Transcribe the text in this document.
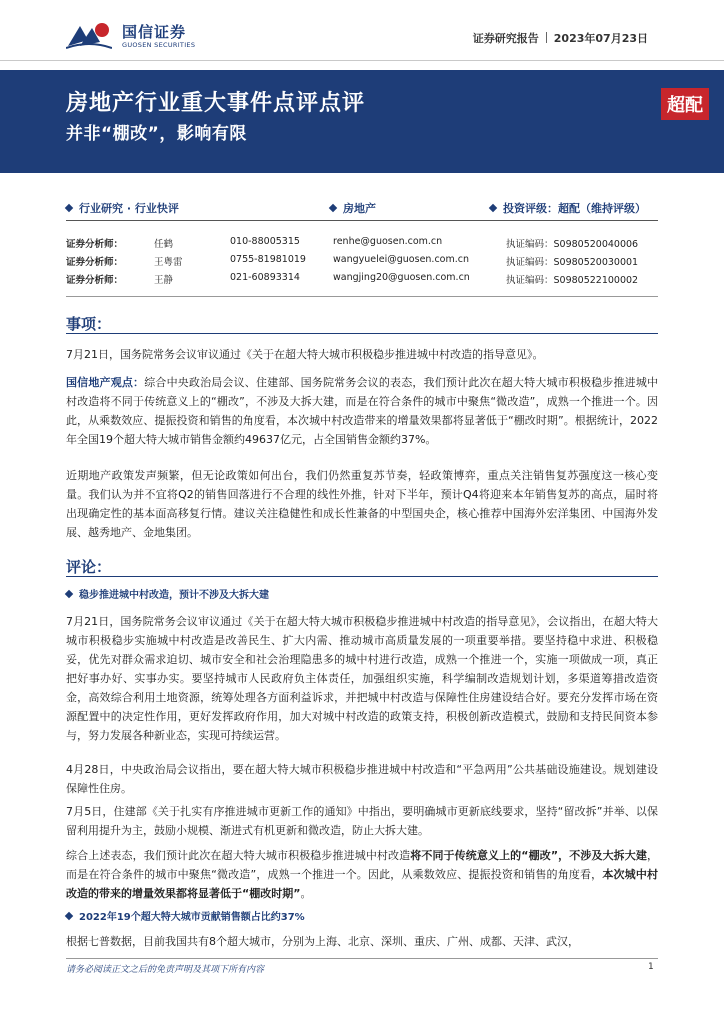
国信证券
GUOSEN SECURITIES	证券研究报告 2023年07月23日
房地产行业重大事件点评点评
并非“棚改”，影响有限
超配
行业研究 · 行业快评	房地产	投资评级：超配（维持评级）
证券分析师：	任鹤	010-88005315	renhe@guosen.com.cn	执证编码：S0980520040006
证券分析师：	王粤雷	0755-81981019	wangyuelei@guosen.com.cn	执证编码：S0980520030001
证券分析师：	王静	021-60893314	wangjing20@guosen.com.cn	执证编码：S0980522100002
事项：
7月21日，国务院常务会议审议通过《关于在超大特大城市积极稳步推进城中村改造的指导意见》。
国信地产观点：综合中央政治局会议、住建部、国务院常务会议的表态，我们预计此次在超大特大城市积极稳步推进城中村改造将不同于传统意义上的“棚改”，不涉及大拆大建，而是在符合条件的城市中聚焦“微改造”，成熟一个推进一个。因此，从乘数效应、提振投资和销售的角度看，本次城中村改造带来的增量效果都将显著低于“棚改时期”。根据统计，2022年全国19个超大特大城市销售金额约49637亿元，占全国销售金额约37%。
近期地产政策发声频繁，但无论政策如何出台，我们仍然重复苏节奏，轻政策博弈，重点关注销售复苏强度这一核心变量。我们认为并不宜将Q2的销售回落进行不合理的线性外推，针对下半年，预计Q4将迎来本年销售复苏的高点，届时将出现确定性的基本面高移复行情。建议关注稳健性和成长性兼备的中型国央企，核心推荐中国海外宏洋集团、中国海外发展、越秀地产、金地集团。
评论：
稳步推进城中村改造，预计不涉及大拆大建
7月21日，国务院常务会议审议通过《关于在超大特大城市积极稳步推进城中村改造的指导意见》，会议指出，在超大特大城市积极稳步实施城中村改造是改善民生、扩大内需、推动城市高质量发展的一项重要举措。要坚持稳中求进、积极稳妥，优先对群众需求迫切、城市安全和社会治理隐患多的城中村进行改造，成熟一个推进一个，实施一项做成一项，真正把好事办好、实事办实。要坚持城市人民政府负主体责任，加强组织实施，科学编制改造规划计划，多渠道筹措改造资金，高效综合利用土地资源，统筹处理各方面利益诉求，并把城中村改造与保障性住房建设结合好。要充分发挥市场在资源配置中的决定性作用，更好发挥政府作用，加大对城中村改造的政策支持，积极创新改造模式，鼓励和支持民间资本参与，努力发展各种新业态，实现可持续运营。
4月28日，中央政治局会议指出，要在超大特大城市积极稳步推进城中村改造和“平急两用”公共基础设施建设。规划建设保障性住房。
7月5日，住建部《关于扎实有序推进城市更新工作的通知》中指出，要明确城市更新底线要求，坚持“留改拆”并举、以保留利用提升为主，鼓励小规模、渐进式有机更新和微改造，防止大拆大建。
综合上述表态，我们预计此次在超大特大城市积极稳步推进城中村改造将不同于传统意义上的“棚改”，不涉及大拆大建，而是在符合条件的城市中聚焦“微改造”，成熟一个推进一个。因此，从乘数效应、提振投资和销售的角度看，本次城中村改造的带来的增量效果都将显著低于“棚改时期”。
2022年19个超大特大城市贡献销售额占比约37%
根据七普数据，目前我国共有8个超大城市，分别为上海、北京、深圳、重庆、广州、成都、天津、武汉，
请务必阅读正文之后的免责声明及其项下所有内容	1
